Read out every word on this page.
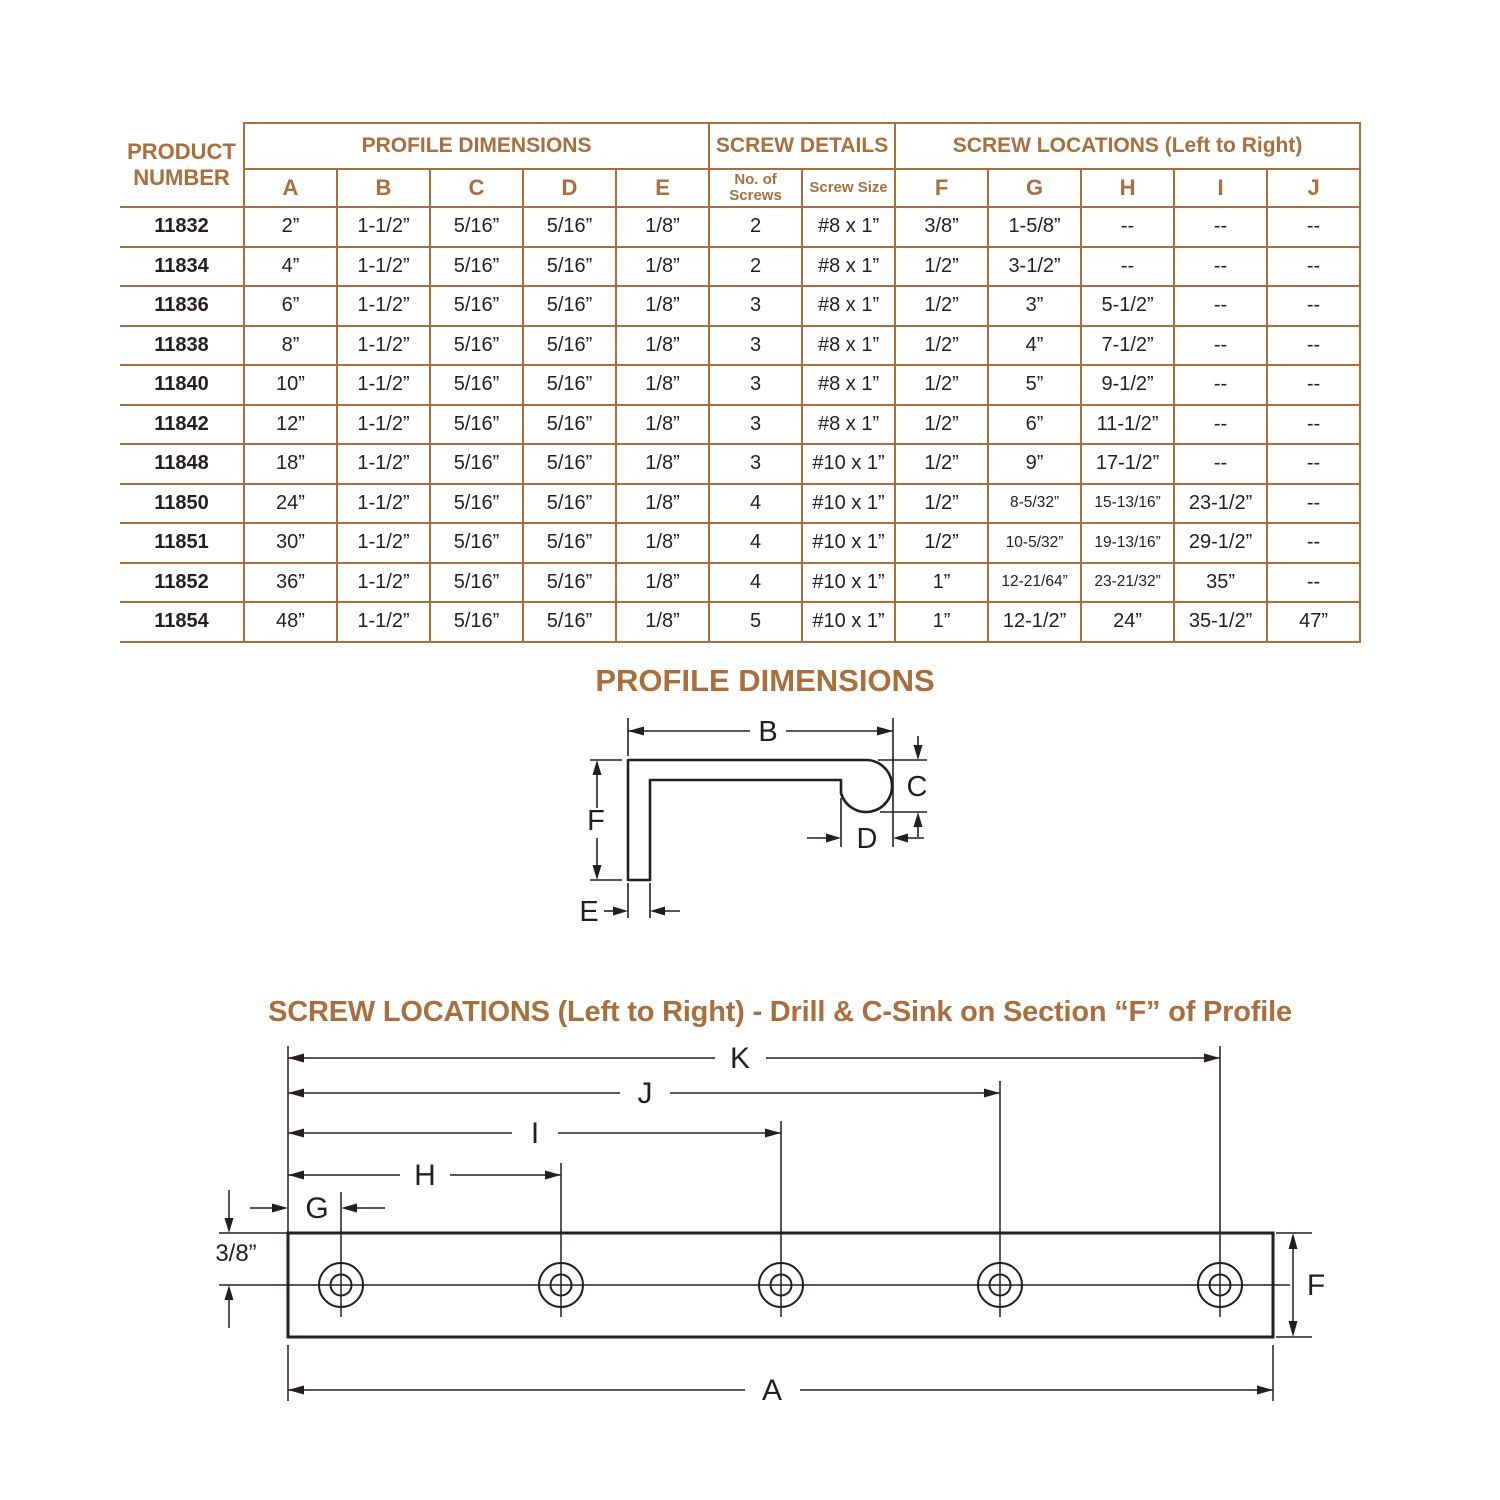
PRODUCT
NUMBER	PROFILE DIMENSIONS					SCREW DETAILS		SCREW LOCATIONS (Left to Right)				
	A	B	C	D	E	No. of Screws	Screw Size	F	G	H	I	J
11832	2”	1-1/2”	5/16”	5/16”	1/8”	2	#8 x 1”	3/8”	1-5/8”	--	--	--
11834	4”	1-1/2”	5/16”	5/16”	1/8”	2	#8 x 1”	1/2”	3-1/2”	--	--	--
11836	6”	1-1/2”	5/16”	5/16”	1/8”	3	#8 x 1”	1/2”	3”	5-1/2”	--	--
11838	8”	1-1/2”	5/16”	5/16”	1/8”	3	#8 x 1”	1/2”	4”	7-1/2”	--	--
11840	10”	1-1/2”	5/16”	5/16”	1/8”	3	#8 x 1”	1/2”	5”	9-1/2”	--	--
11842	12”	1-1/2”	5/16”	5/16”	1/8”	3	#8 x 1”	1/2”	6”	11-1/2”	--	--
11848	18”	1-1/2”	5/16”	5/16”	1/8”	3	#10 x 1”	1/2”	9”	17-1/2”	--	--
11850	24”	1-1/2”	5/16”	5/16”	1/8”	4	#10 x 1”	1/2”	8-5/32”	15-13/16”	23-1/2”	--
11851	30”	1-1/2”	5/16”	5/16”	1/8”	4	#10 x 1”	1/2”	10-5/32”	19-13/16”	29-1/2”	--
11852	36”	1-1/2”	5/16”	5/16”	1/8”	4	#10 x 1”	1”	12-21/64”	23-21/32”	35”	--
11854	48”	1-1/2”	5/16”	5/16”	1/8”	5	#10 x 1”	1”	12-1/2”	24”	35-1/2”	47”
PROFILE DIMENSIONS
B
C
D
F
E
SCREW LOCATIONS (Left to Right) - Drill & C-Sink on Section “F” of Profile
K
J
I
H
G
3/8”
F
A
